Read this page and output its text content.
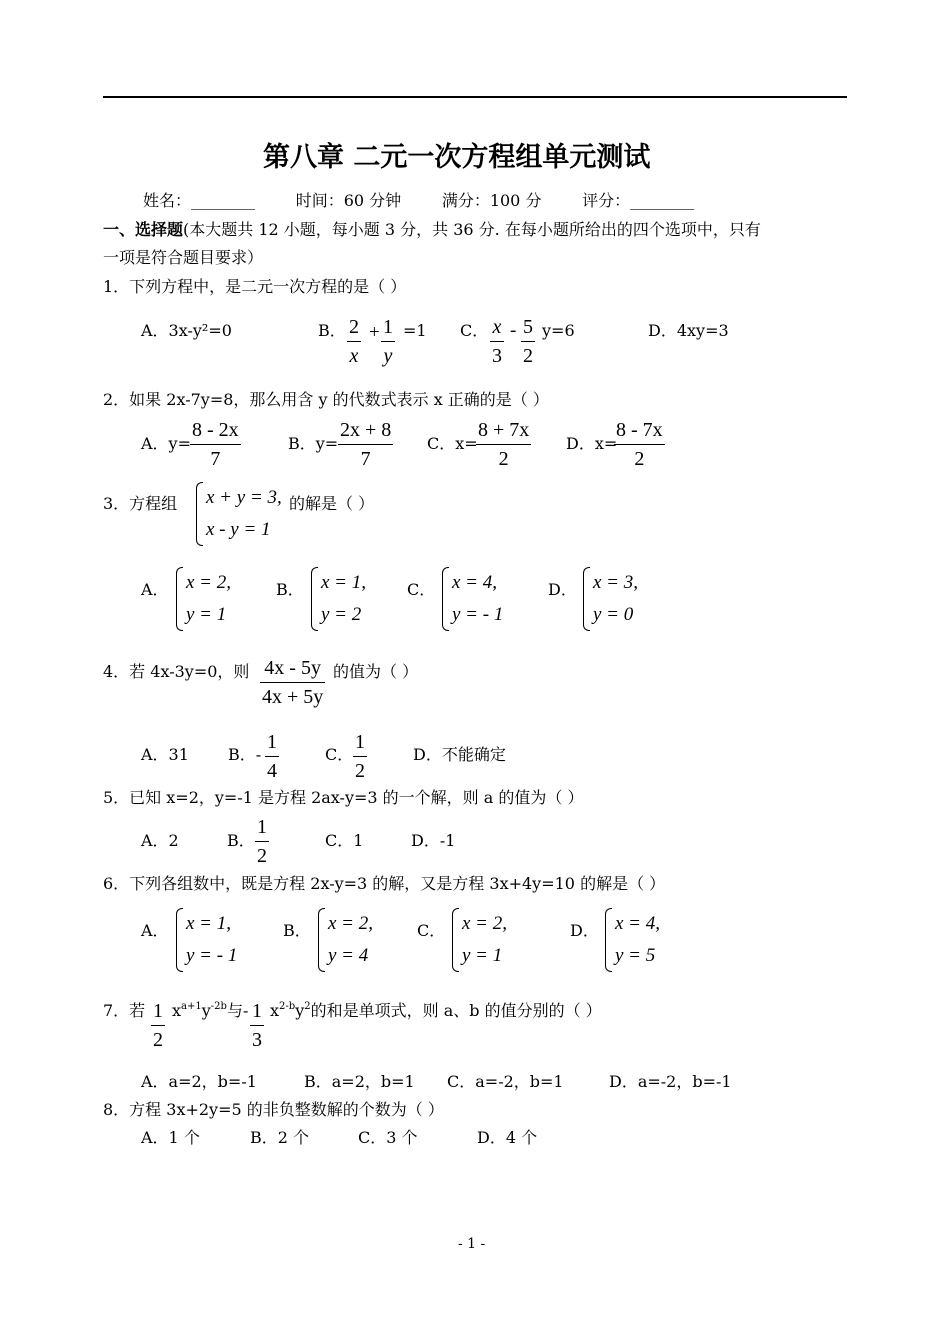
第八章 二元一次方程组单元测试
姓名：________        时间：60 分钟        满分：100 分        评分：________
一、选择题(本大题共 12 小题，每小题 3 分，共 36 分. 在每小题所给出的四个选项中，只有
一项是符合题目要求）
1．下列方程中，是二元一次方程的是（ ）
A．3x-y²=0	B． 2
x
+ 1
y
=1 C． x
3
- 5
2
y=6	D．4xy=3
2．如果 2x-7y=8，那么用含 y 的代数式表示 x 正确的是（ ）
A．y=
8 - 2x
7
B．y=
2x + 8
7
C．x=
8 + 7x
2
D．x=
8 - 7x
2
3．方程组 x + y = 3,
x - y = 1
的解是（ ）
A． x = 2,
y = 1
B． x = 1,
y = 2
C． x = 4,
y = - 1
D． x = 3,
y = 0
4．若 4x-3y=0，则 4x - 5y
4x + 5y
的值为（ ）
A．31 B．-
1
4
C．
1
2
D．不能确定
5．已知 x=2，y=-1 是方程 2ax-y=3 的一个解，则 a 的值为（ ）
A．2	B．
1
2
C．1	D．-1
6．下列各组数中，既是方程 2x-y=3 的解，又是方程 3x+4y=10 的解是（ ）
A． x = 1,
y = - 1
B． x = 2,
y = 4
C． x = 2,
y = 1
D． x = 4,
y = 5
7．若 1
2
$x^{a+1}y^{-2b}$与- 1
3
$x^{2-b}y^2$的和是单项式，则 a、b 的值分别的（ ）
A．a=2，b=-1	B．a=2，b=1 C．a=-2，b=1	D．a=-2，b=-1
8．方程 3x+2y=5 的非负整数解的个数为（ ）
A．1 个	B．2 个	C．3 个	D．4 个
- 1 -
